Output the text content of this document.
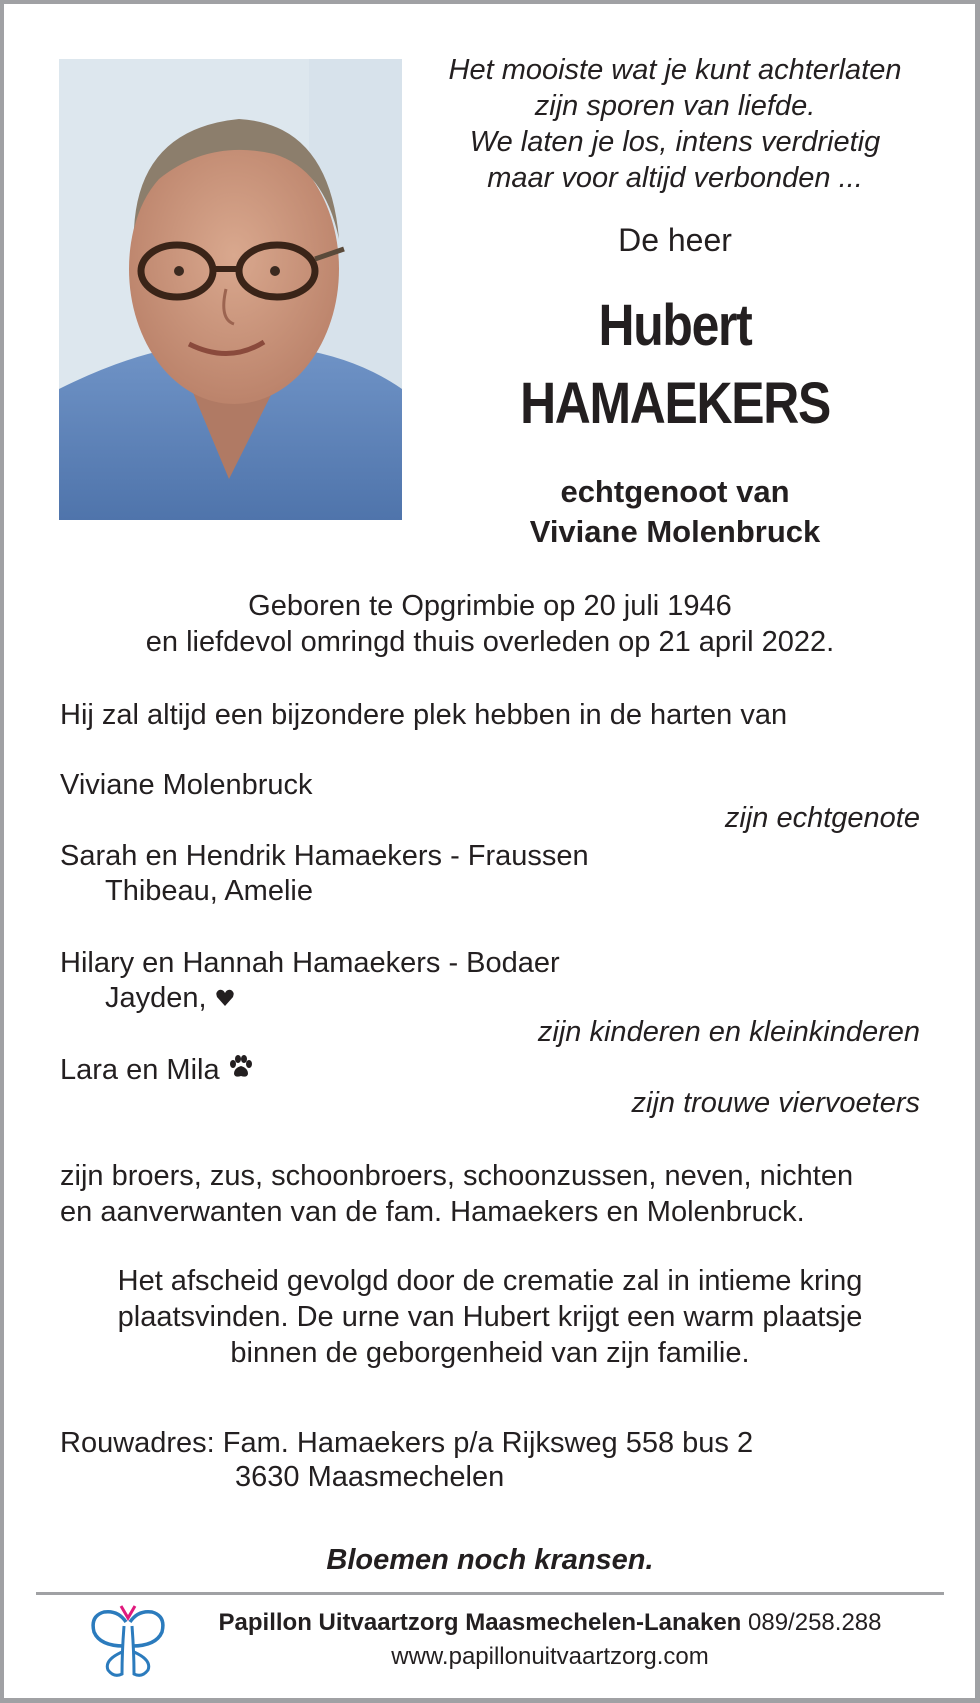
Het mooiste wat je kunt achterlaten
zijn sporen van liefde.
We laten je los, intens verdrietig
maar voor altijd verbonden ...
De heer
Hubert
HAMAEKERS
echtgenoot van
Viviane Molenbruck
Geboren te Opgrimbie op 20 juli 1946
en liefdevol omringd thuis overleden op 21 april 2022.
Hij zal altijd een bijzondere plek hebben in de harten van
Viviane Molenbruck
zijn echtgenote
Sarah en Hendrik Hamaekers - Fraussen
Thibeau, Amelie
Hilary en Hannah Hamaekers - Bodaer
Jayden,
zijn kinderen en kleinkinderen
Lara en Mila
zijn trouwe viervoeters
zijn broers, zus, schoonbroers, schoonzussen, neven, nichten
en aanverwanten van de fam. Hamaekers en Molenbruck.
Het afscheid gevolgd door de crematie zal in intieme kring
plaatsvinden. De urne van Hubert krijgt een warm plaatsje
binnen de geborgenheid van zijn familie.
Rouwadres: Fam. Hamaekers p/a Rijksweg 558 bus 2
3630 Maasmechelen
Bloemen noch kransen.
Papillon Uitvaartzorg Maasmechelen-Lanaken 089/258.288
www.papillonuitvaartzorg.com
